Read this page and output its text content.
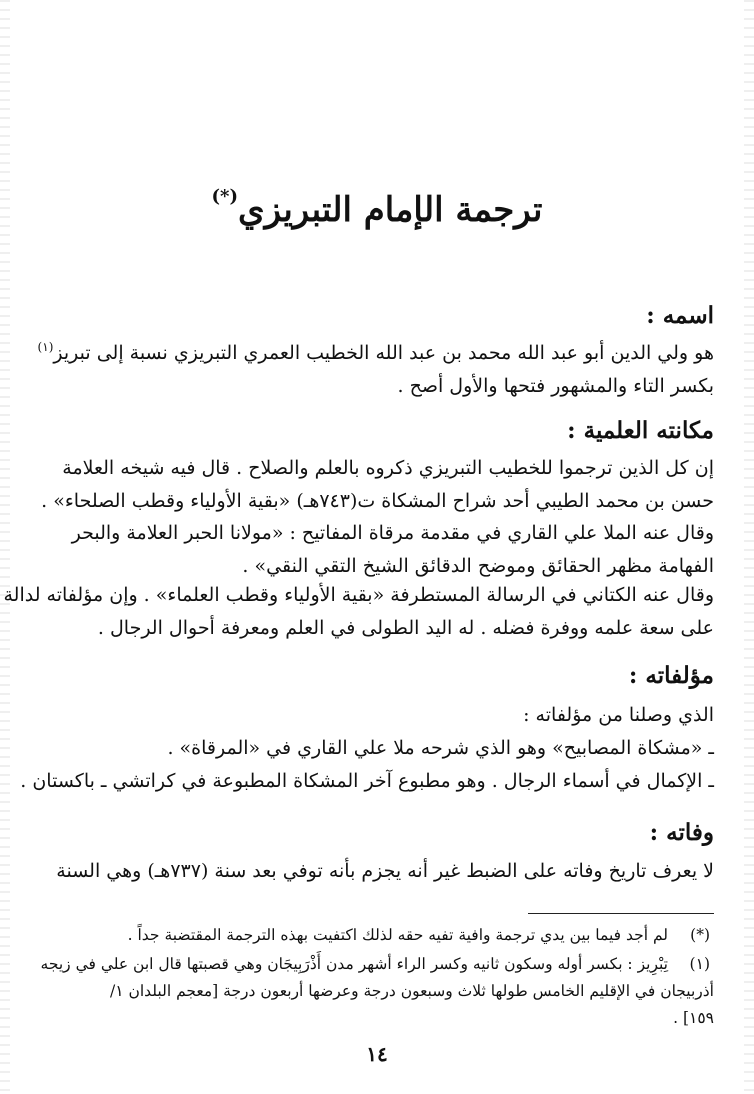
ترجمة الإمام التبريزي(*)
اسمه :
هو ولي الدين أبو عبد الله محمد بن عبد الله الخطيب العمري التبريزي نسبة إلى تبريز$^{(١)}$
بكسر التاء والمشهور فتحها والأول أصح .
مكانته العلمية :
إن كل الذين ترجموا للخطيب التبريزي ذكروه بالعلم والصلاح . قال فيه شيخه العلامة
حسن بن محمد الطيبي أحد شراح المشكاة ت(٧٤٣هـ) «بقية الأولياء وقطب الصلحاء» .
وقال عنه الملا علي القاري في مقدمة مرقاة المفاتيح : «مولانا الحبر العلامة والبحر
الفهامة مظهر الحقائق وموضح الدقائق الشيخ التقي النقي» .
وقال عنه الكتاني في الرسالة المستطرفة «بقية الأولياء وقطب العلماء» . وإن مؤلفاته لدالة
على سعة علمه ووفرة فضله . له اليد الطولى في العلم ومعرفة أحوال الرجال .
مؤلفاته :
الذي وصلنا من مؤلفاته :
ـ «مشكاة المصابيح» وهو الذي شرحه ملا علي القاري في «المرقاة» .
ـ الإكمال في أسماء الرجال . وهو مطبوع آخر المشكاة المطبوعة في كراتشي ـ باكستان .
وفاته :
لا يعرف تاريخ وفاته على الضبط غير أنه يجزم بأنه توفي بعد سنة (٧٣٧هـ) وهي السنة
(*)
لم أجد فيما بين يدي ترجمة وافية تفيه حقه لذلك اكتفيت بهذه الترجمة المقتضبة جداً .
(١)
تِبْرِيز : بكسر أوله وسكون ثانيه وكسر الراء أشهر مدن أَذْرَبِيجَان وهي قصبتها قال ابن علي في زيجه
أذربيجان في الإقليم الخامس طولها ثلاث وسبعون درجة وعرضها أربعون درجة [معجم البلدان ١/
١٥٩] .
١٤
